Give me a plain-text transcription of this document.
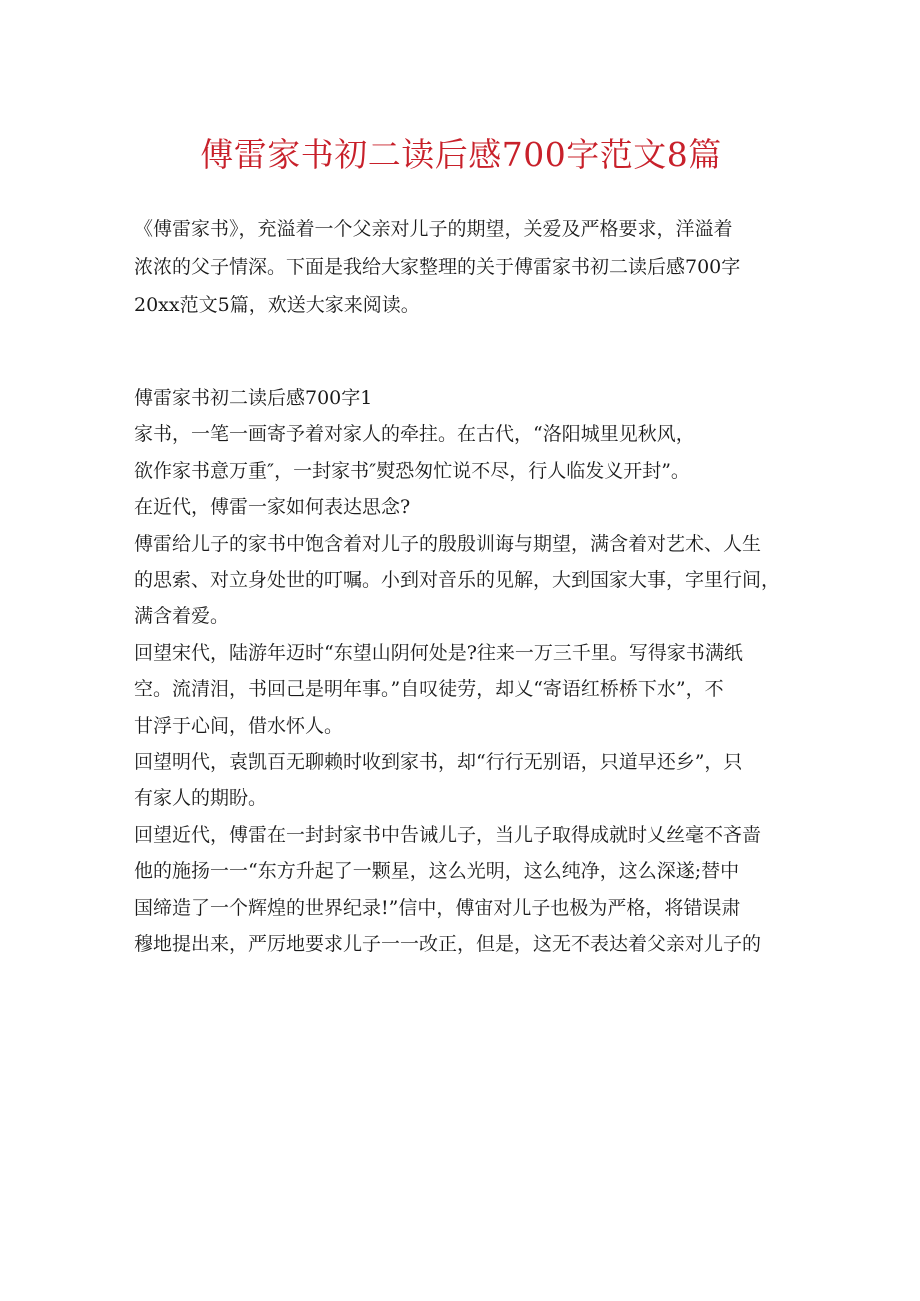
傅雷家书初二读后感700字范文8篇
《傅雷家书》，充溢着一个父亲对儿子的期望，关爱及严格要求，洋溢着
浓浓的父子情深。下面是我给大家整理的关于傅雷家书初二读后感700字
20xx范文5篇，欢送大家来阅读。

傅雷家书初二读后感700字1

家书，一笔一画寄予着对家人的牵拄。在古代，“洛阳城里见秋风，
欲作家书意万重″，一封家书″熨恐匆忙说不尽，行人临发义开封”。

在近代，傅雷一家如何表达思念?

傅雷给儿子的家书中饱含着对儿子的殷殷训诲与期望，满含着对艺术、人生
的思索、对立身处世的叮嘱。小到对音乐的见解，大到国家大事，字里行间，
满含着爱。

回望宋代，陆游年迈时“东望山阴何处是?往来一万三千里。写得家书满纸
空。流清泪，书回己是明年事。”自叹徒劳，却乂“寄语红桥桥下水”，不
甘浮于心间，借水怀人。

回望明代，袁凯百无聊赖时收到家书，却“行行无别语，只道早还乡”，只
有家人的期盼。

回望近代，傅雷在一封封家书中告诫儿子，当儿子取得成就时乂丝毫不吝啬
他的施扬一一“东方升起了一颗星，这么光明，这么纯净，这么深遂;替中
国缔造了一个辉煌的世界纪录!”信中，傅宙对儿子也极为严格，将错误肃
穆地提出来，严厉地要求儿子一一改正，但是，这无不表达着父亲对儿子的
